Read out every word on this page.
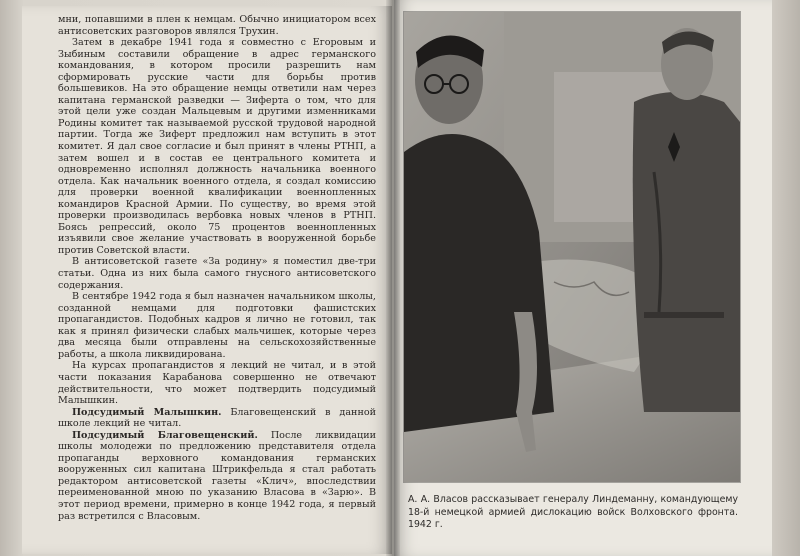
мни, попавшими в плен к немцам. Обычно инициатором всех антисоветских разговоров являлся Трухин.

Затем в декабре 1941 года я совместно с Егоровым и Зыбиным составили обращение в адрес германского командования, в котором просили разрешить нам сформировать русские части для борьбы против большевиков. На это обращение немцы ответили нам через капитана германской разведки — Зиферта о том, что для этой цели уже создан Мальцевым и другими изменниками Родины комитет так называемой русской трудовой народной партии. Тогда же Зиферт предложил нам вступить в этот комитет. Я дал свое согласие и был принят в члены РТНП, а затем вошел и в состав ее центрального комитета и одновременно исполнял должность начальника военного отдела. Как начальник военного отдела, я создал комиссию для проверки военной квалификации военнопленных командиров Красной Армии. По существу, во время этой проверки производилась вербовка новых членов в РТНП. Боясь репрессий, около 75 процентов военнопленных изъявили свое желание участвовать в вооруженной борьбе против Советской власти.

В антисоветской газете «За родину» я поместил две-три статьи. Одна из них была самого гнусного антисоветского содержания.

В сентябре 1942 года я был назначен начальником школы, созданной немцами для подготовки фашистских пропагандистов. Подобных кадров я лично не готовил, так как я принял физически слабых мальчишек, которые через два месяца были отправлены на сельскохозяйственные работы, а школа ликвидирована.

На курсах пропагандистов я лекций не читал, и в этой части показания Карабанова совершенно не отвечают действительности, что может подтвердить подсудимый Малышкин.

Подсудимый Малышкин. Благовещенский в данной школе лекций не читал.

Подсудимый Благовещенский. После ликвидации школы молодежи по предложению представителя отдела пропаганды верховного командования германских вооруженных сил капитана Штрикфельда я стал работать редактором антисоветской газеты «Клич», впоследствии переименованной мною по указанию Власова в «Зарю». В этот период времени, примерно в конце 1942 года, я первый раз встретился с Власовым.

А. А. Власов рассказывает генералу Линдеманну, командующему 18-й немецкой армией дислокацию войск Волховского фронта. 1942 г.
